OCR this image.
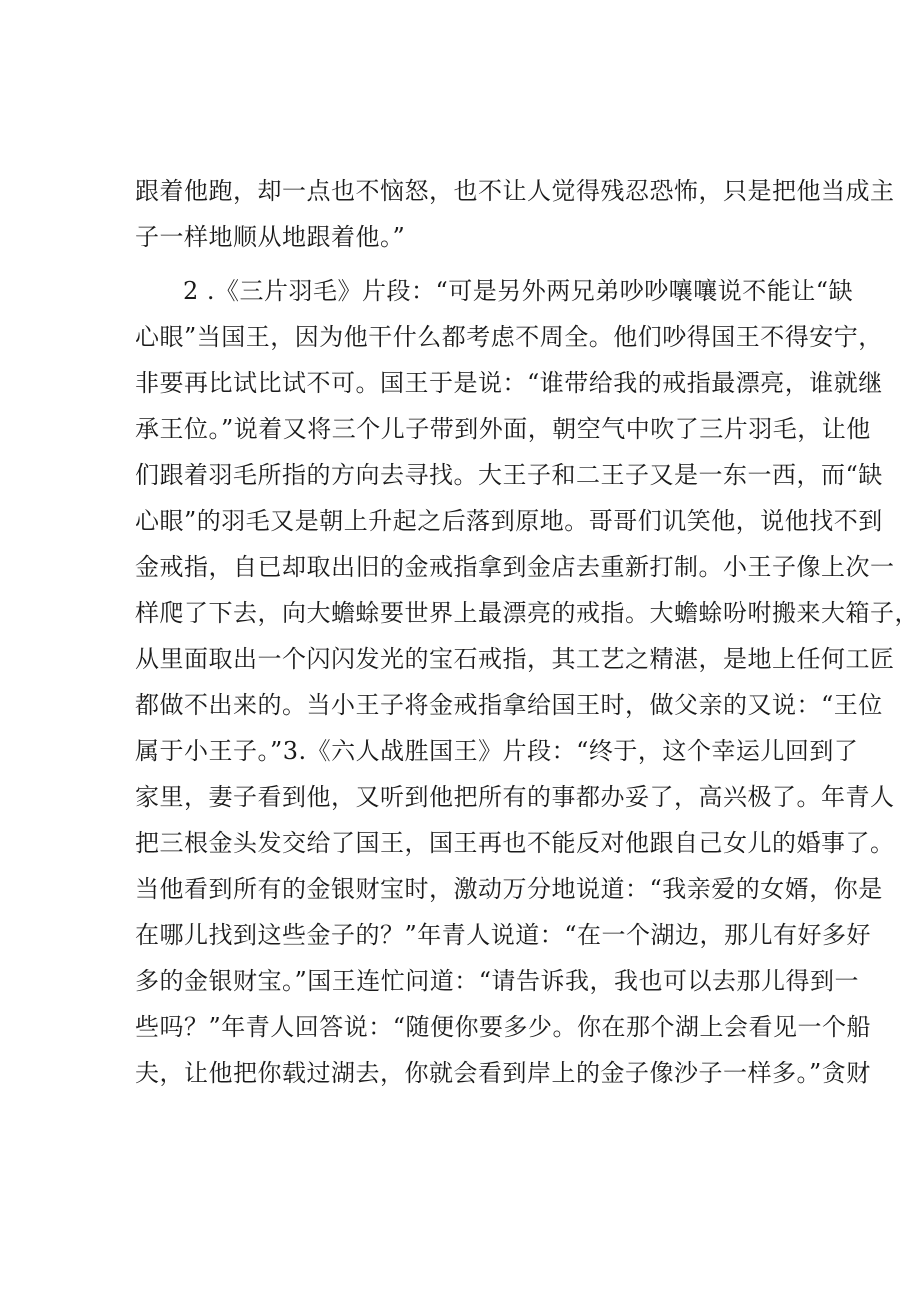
跟着他跑，却一点也不恼怒，也不让人觉得残忍恐怖，只是把他当成主
子一样地顺从地跟着他。”
2 .《三片羽毛》片段：“可是另外两兄弟吵吵嚷嚷说不能让“缺
心眼”当国王，因为他干什么都考虑不周全。他们吵得国王不得安宁，
非要再比试比试不可。国王于是说：“谁带给我的戒指最漂亮，谁就继
承王位。”说着又将三个儿子带到外面，朝空气中吹了三片羽毛，让他
们跟着羽毛所指的方向去寻找。大王子和二王子又是一东一西，而“缺
心眼”的羽毛又是朝上升起之后落到原地。哥哥们讥笑他，说他找不到
金戒指，自已却取出旧的金戒指拿到金店去重新打制。小王子像上次一
样爬了下去，向大蟾蜍要世界上最漂亮的戒指。大蟾蜍吩咐搬来大箱子，
从里面取出一个闪闪发光的宝石戒指，其工艺之精湛，是地上任何工匠
都做不出来的。当小王子将金戒指拿给国王时，做父亲的又说：“王位
属于小王子。”3.《六人战胜国王》片段：“终于，这个幸运儿回到了
家里，妻子看到他，又听到他把所有的事都办妥了，高兴极了。年青人
把三根金头发交给了国王，国王再也不能反对他跟自己女儿的婚事了。
当他看到所有的金银财宝时，激动万分地说道：“我亲爱的女婿，你是
在哪儿找到这些金子的？”年青人说道：“在一个湖边，那儿有好多好
多的金银财宝。”国王连忙问道：“请告诉我，我也可以去那儿得到一
些吗？”年青人回答说：“随便你要多少。你在那个湖上会看见一个船
夫，让他把你载过湖去，你就会看到岸上的金子像沙子一样多。”贪财
